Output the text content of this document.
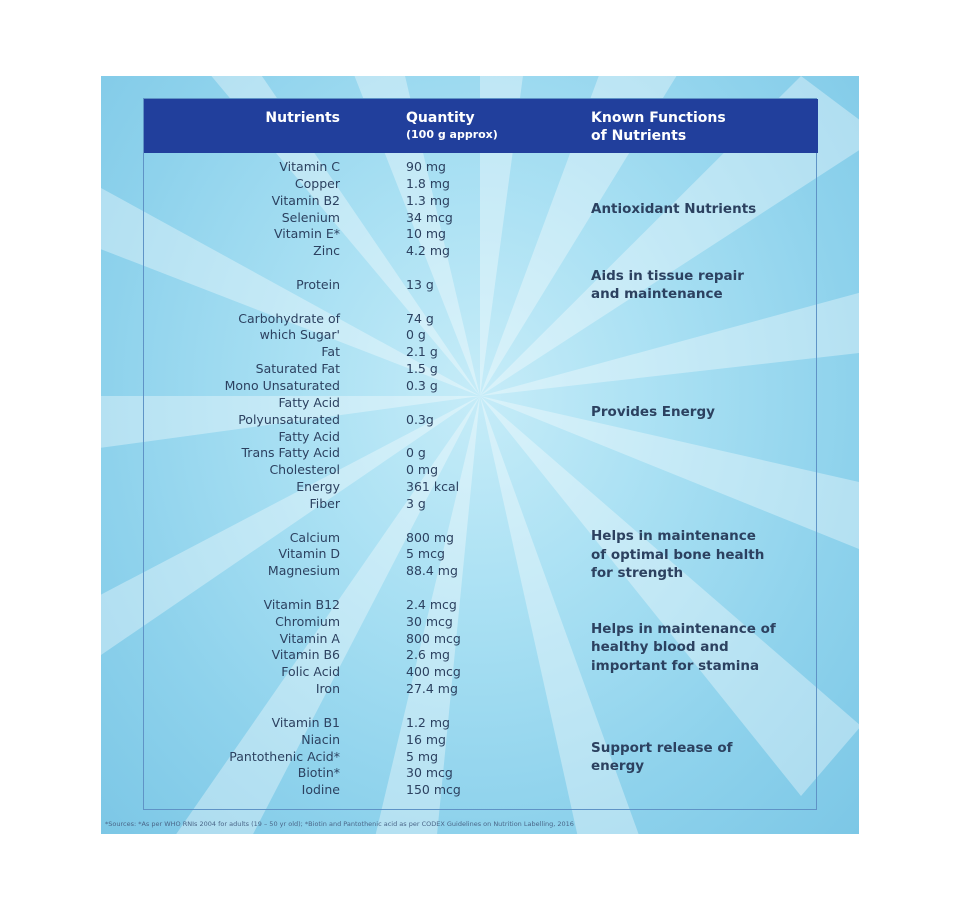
Nutrients	Quantity
(100 g approx)
Known Functions
of Nutrients
Vitamin C	90 mg
Copper	1.8 mg
Vitamin B2	1.3 mg
Selenium	34 mcg
Vitamin E*	10 mg
Zinc	4.2 mg
Antioxidant Nutrients
Protein	13 g
Aids in tissue repair
and maintenance
Carbohydrate of	74 g
which Sugar'	0 g
Fat	2.1 g
Saturated Fat	1.5 g
Mono Unsaturated	0.3 g
Fatty Acid
Polyunsaturated	0.3g
Fatty Acid
Trans Fatty Acid	0 g
Cholesterol	0 mg
Energy	361 kcal
Fiber	3 g
Provides Energy
Calcium	800 mg
Vitamin D	5 mcg
Magnesium	88.4 mg
Helps in maintenance
of optimal bone health
for strength
Vitamin B12	2.4 mcg
Chromium	30 mcg
Vitamin A	800 mcg
Vitamin B6	2.6 mg
Folic Acid	400 mcg
Iron	27.4 mg
Helps in maintenance of
healthy blood and
important for stamina
Vitamin B1	1.2 mg
Niacin	16 mg
Pantothenic Acid*	5 mg
Biotin*	30 mcg
Iodine	150 mcg
Support release of
energy
*Sources: *As per WHO RNIs 2004 for adults (19 – 50 yr old); *Biotin and Pantothenic acid as per CODEX Guidelines on Nutrition Labelling, 2016
